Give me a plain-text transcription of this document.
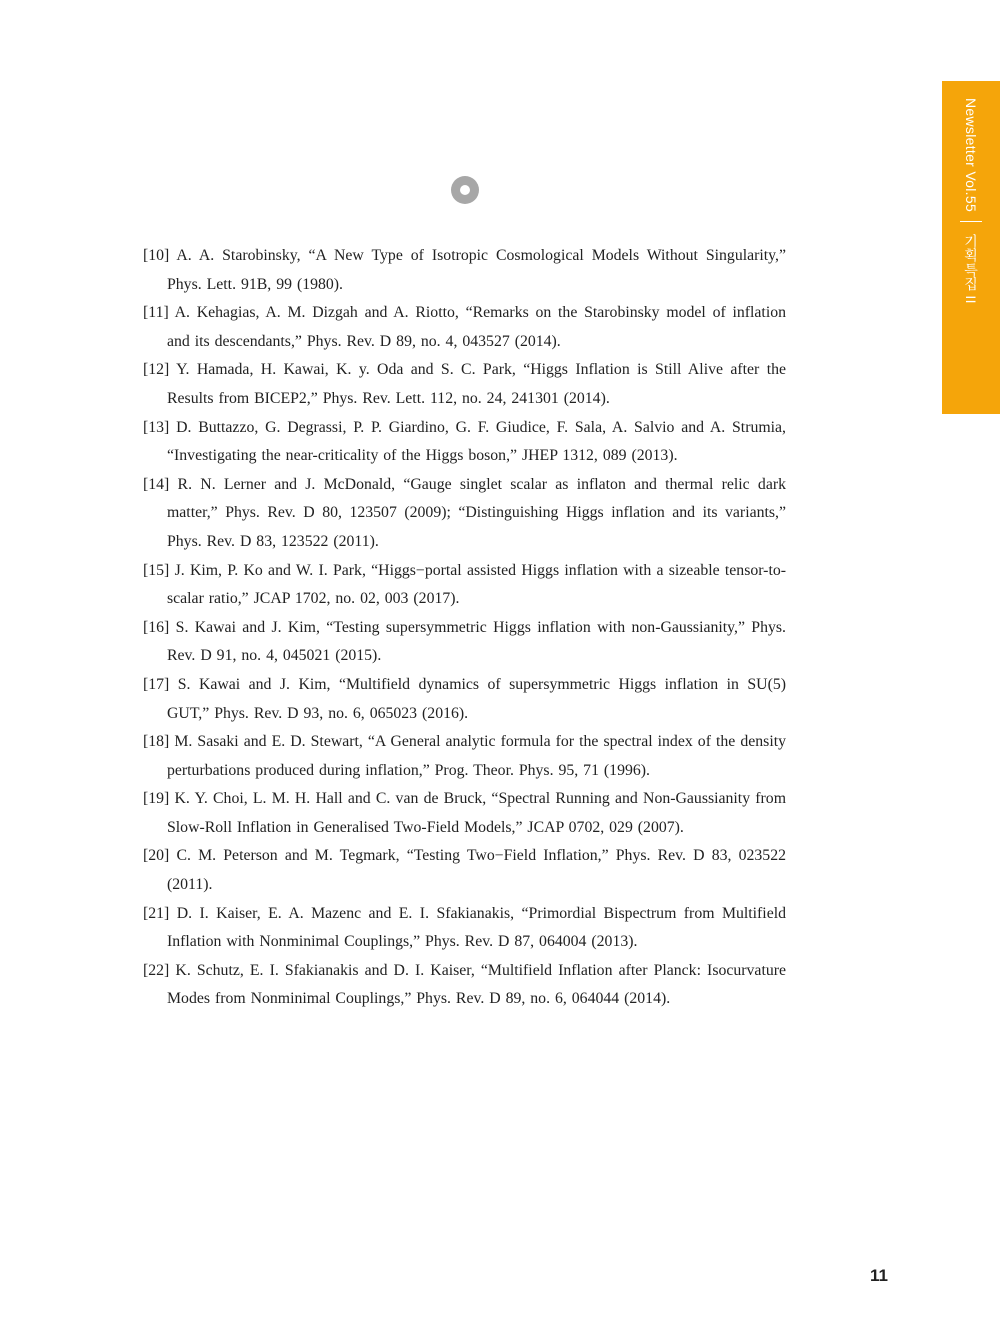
Newsletter Vol.55
기획특집 II
[10] A. A. Starobinsky, “A New Type of Isotropic Cosmological Models Without Singularity,” Phys. Lett. 91B, 99 (1980).
[11] A. Kehagias, A. M. Dizgah and A. Riotto, “Remarks on the Starobinsky model of inflation and its descendants,” Phys. Rev. D 89, no. 4, 043527 (2014).
[12] Y. Hamada, H. Kawai, K. y. Oda and S. C. Park, “Higgs Inflation is Still Alive after the Results from BICEP2,” Phys. Rev. Lett. 112, no. 24, 241301 (2014).
[13] D. Buttazzo, G. Degrassi, P. P. Giardino, G. F. Giudice, F. Sala, A. Salvio and A. Strumia, “Investigating the near-criticality of the Higgs boson,” JHEP 1312, 089 (2013).
[14] R. N. Lerner and J. McDonald, “Gauge singlet scalar as inflaton and thermal relic dark matter,” Phys. Rev. D 80, 123507 (2009); “Distinguishing Higgs inflation and its variants,” Phys. Rev. D 83, 123522 (2011).
[15] J. Kim, P. Ko and W. I. Park, “Higgs−portal assisted Higgs inflation with a sizeable tensor-to-scalar ratio,” JCAP 1702, no. 02, 003 (2017).
[16] S. Kawai and J. Kim, “Testing supersymmetric Higgs inflation with non-Gaussianity,” Phys. Rev. D 91, no. 4, 045021 (2015).
[17] S. Kawai and J. Kim, “Multifield dynamics of supersymmetric Higgs inflation in SU(5) GUT,” Phys. Rev. D 93, no. 6, 065023 (2016).
[18] M. Sasaki and E. D. Stewart, “A General analytic formula for the spectral index of the density perturbations produced during inflation,” Prog. Theor. Phys. 95, 71 (1996).
[19] K. Y. Choi, L. M. H. Hall and C. van de Bruck, “Spectral Running and Non-Gaussianity from Slow-Roll Inflation in Generalised Two-Field Models,” JCAP 0702, 029 (2007).
[20] C. M. Peterson and M. Tegmark, “Testing Two−Field Inflation,” Phys. Rev. D 83, 023522 (2011).
[21] D. I. Kaiser, E. A. Mazenc and E. I. Sfakianakis, “Primordial Bispectrum from Multifield Inflation with Nonminimal Couplings,” Phys. Rev. D 87, 064004 (2013).
[22] K. Schutz, E. I. Sfakianakis and D. I. Kaiser, “Multifield Inflation after Planck: Isocurvature Modes from Nonminimal Couplings,” Phys. Rev. D 89, no. 6, 064044 (2014).
11
